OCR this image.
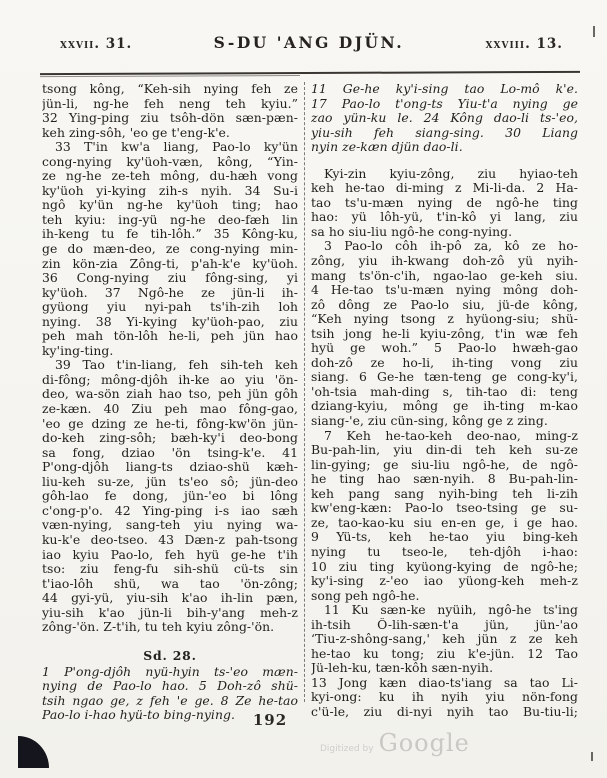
xxvii. 31.	S-DU 'ANG DJÜN.	xxviii. 13.
tsong kông, “Keh-sih nying feh ze
jün-li, ng-he feh neng teh kyiu.”
32 Ying-ping ziu tsôh-dön sæn-pæn-
keh zing-sôh, 'eo ge t'eng-k'e.
33 T'in kw'a liang, Pao-lo ky'ün
cong-nying ky'üoh-væn, kông, “Yin-
ze ng-he ze-teh mông, du-hæh vong
ky'üoh yi-kying zih-s nyih. 34 Su-i
ngô ky'ün ng-he ky'üoh ting; hao
teh kyiu: ing-yü ng-he deo-fæh lin
ih-keng tu fe tih-lôh.” 35 Kông-ku,
ge do mæn-deo, ze cong-nying min-
zin kön-zia Zông-ti, p'ah-k'e ky'üoh.
36 Cong-nying ziu fông-sing, yi
ky'üoh. 37 Ngô-he ze jün-li ih-
gyüong yiu nyi-pah ts'ih-zih loh
nying. 38 Yi-kying ky'üoh-pao, ziu
peh mah tön-lôh he-li, peh jün hao
ky'ing-ting.
39 Tao t'in-liang, feh sih-teh keh
di-fông; mông-djôh ih-ke ao yiu 'ön-
deo, wa-sön ziah hao tso, peh jün gôh
ze-kæn. 40 Ziu peh mao fông-gao,
'eo ge dzing ze he-ti, fông-kw'ön jün-
do-keh zing-sôh; bæh-ky'i deo-bong
sa fong, dziao 'ön tsing-k'e. 41
P'ong-djôh liang-ts dziao-shü kæh-
liu-keh su-ze, jün ts'eo sô; jün-deo
gôh-lao fe dong, jün-'eo bi lông
c'ong-p'o. 42 Ying-ping i-s iao sæh
væn-nying, sang-teh yiu nying wa-
ku-k'e deo-tseo. 43 Dæn-z pah-tsong
iao kyiu Pao-lo, feh hyü ge-he t'ih
tso: ziu feng-fu sih-shü cü-ts sin
t'iao-lôh shü, wa tao 'ön-zông;
44 gyi-yü, yiu-sih k'ao ih-lin pæn,
yiu-sih k'ao jün-li bih-y'ang meh-z
zông-'ön. Z-t'ih, tu teh kyiu zông-'ön.
Sd. 28.
1 P'ong-djôh nyü-hyin ts-'eo mæn-
nying de Pao-lo hao. 5 Doh-zô shü-
tsih ngao ge, z feh 'e ge. 8 Ze he-tao
Pao-lo i-hao hyü-to bing-nying.
11 Ge-he ky'i-sing tao Lo-mô k'e.
17 Pao-lo t'ong-ts Yiu-t'a nying ge
zao yün-ku le. 24 Kông dao-li ts-'eo,
yiu-sih feh siang-sing. 30 Liang
nyin ze-kæn djün dao-li.
Kyi-zin kyiu-zông, ziu hyiao-teh
keh he-tao di-ming z Mi-li-da. 2 Ha-
tao ts'u-mæn nying de ngô-he ting
hao: yü lôh-yü, t'in-kô yi lang, ziu
sa ho siu-liu ngô-he cong-nying.
3 Pao-lo côh ih-pô za, kô ze ho-
zông, yiu ih-kwang doh-zô yü nyih-
mang ts'ön-c'ih, ngao-lao ge-keh siu.
4 He-tao ts'u-mæn nying mông doh-
zô dông ze Pao-lo siu, jü-de kông,
“Keh nying tsong z hyüong-siu; shü-
tsih jong he-li kyiu-zông, t'in wæ feh
hyü ge woh.” 5 Pao-lo hwæh-gao
doh-zô ze ho-li, ih-ting vong ziu
siang. 6 Ge-he tæn-teng ge cong-ky'i,
'oh-tsia mah-ding s, tih-tao di: teng
dziang-kyiu, mông ge ih-ting m-kao
siang-'e, ziu cün-sing, kông ge z zing.
7 Keh he-tao-keh deo-nao, ming-z
Bu-pah-lin, yiu din-di teh keh su-ze
lin-gying; ge siu-liu ngô-he, de ngô-
he ting hao sæn-nyih. 8 Bu-pah-lin-
keh pang sang nyih-bing teh li-zih
kw'eng-kæn: Pao-lo tseo-tsing ge su-
ze, tao-kao-ku siu en-en ge, i ge hao.
9 Yü-ts, keh he-tao yiu bing-keh
nying tu tseo-le, teh-djôh i-hao:
10 ziu ting kyüong-kying de ngô-he;
ky'i-sing z-'eo iao yüong-keh meh-z
song peh ngô-he.
11 Ku sæn-ke nyüih, ngô-he ts'ing
ih-tsih Ô-lih-sæn-t'a jün, jün-'ao
‘Tiu-z-shông-sang,' keh jün z ze keh
he-tao ku tong; ziu k'e-jün. 12 Tao
Jü-leh-ku, tæn-kôh sæn-nyih.
13 Jong kæn diao-ts'iang sa tao Li-
kyi-ong: ku ih nyih yiu nön-fong
c'ü-le, ziu di-nyi nyih tao Bu-tiu-li;
192
Digitized by Google
